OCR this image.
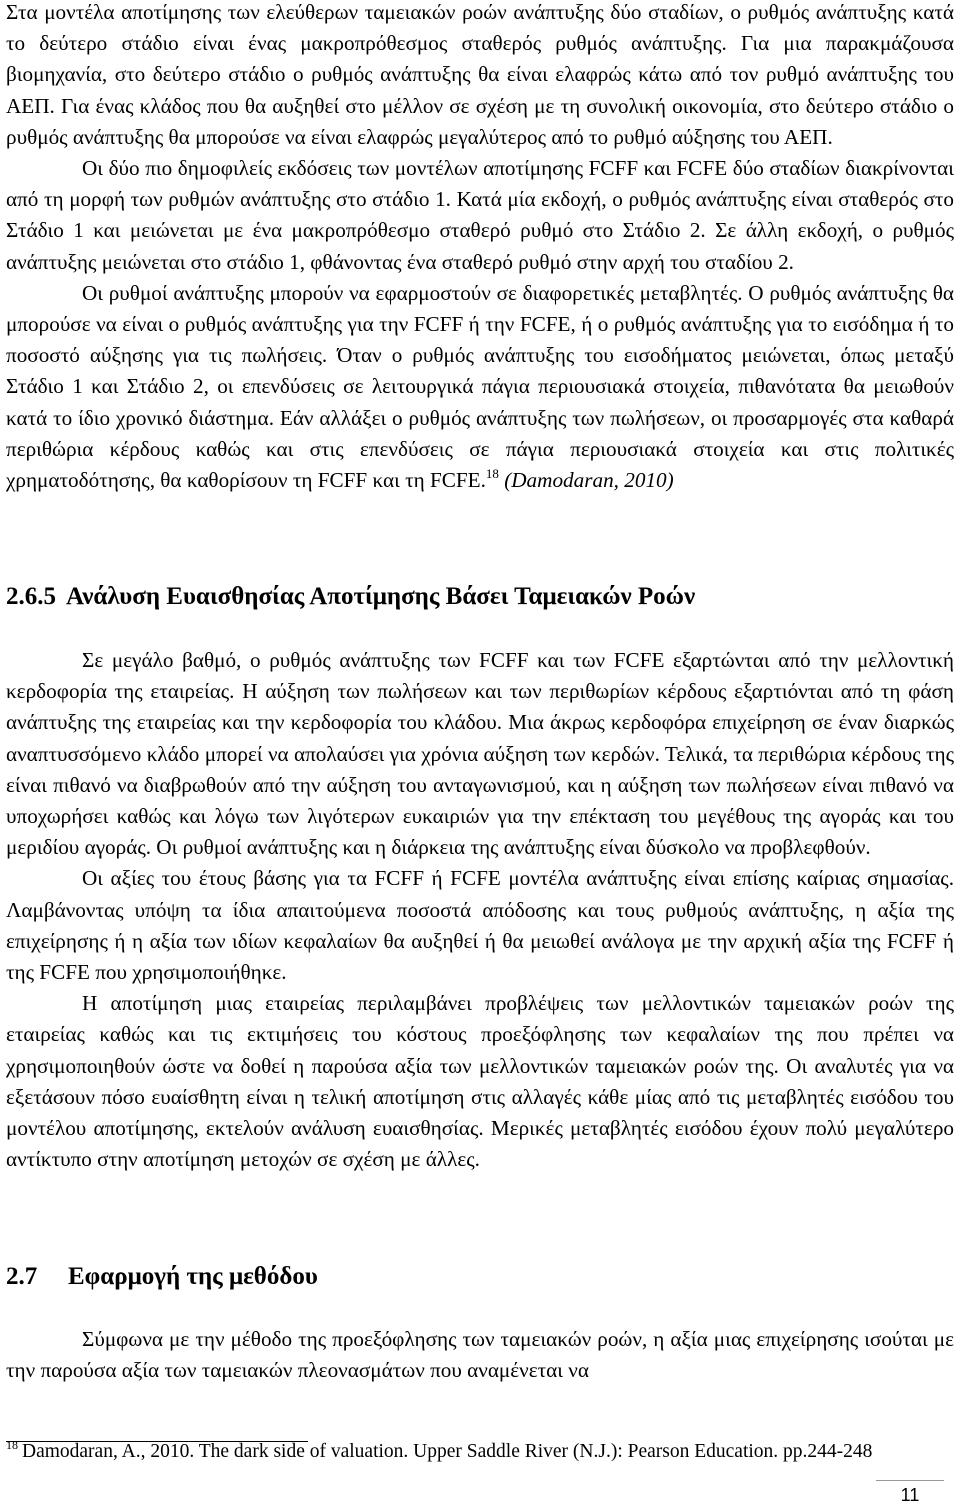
Στα μοντέλα αποτίμησης των ελεύθερων ταμειακών ροών ανάπτυξης δύο σταδίων, ο ρυθμός ανάπτυξης κατά το δεύτερο στάδιο είναι ένας μακροπρόθεσμος σταθερός ρυθμός ανάπτυξης. Για μια παρακμάζουσα βιομηχανία, στο δεύτερο στάδιο ο ρυθμός ανάπτυξης θα είναι ελαφρώς κάτω από τον ρυθμό ανάπτυξης του ΑΕΠ. Για ένας κλάδος που θα αυξηθεί στο μέλλον σε σχέση με τη συνολική οικονομία, στο δεύτερο στάδιο ο ρυθμός ανάπτυξης θα μπορούσε να είναι ελαφρώς μεγαλύτερος από το ρυθμό αύξησης του ΑΕΠ.

Οι δύο πιο δημοφιλείς εκδόσεις των μοντέλων αποτίμησης FCFF και FCFE δύο σταδίων διακρίνονται από τη μορφή των ρυθμών ανάπτυξης στο στάδιο 1. Κατά μία εκδοχή, ο ρυθμός ανάπτυξης είναι σταθερός στο Στάδιο 1 και μειώνεται με ένα μακροπρόθεσμο σταθερό ρυθμό στο Στάδιο 2. Σε άλλη εκδοχή, ο ρυθμός ανάπτυξης μειώνεται στο στάδιο 1, φθάνοντας ένα σταθερό ρυθμό στην αρχή του σταδίου 2.

Οι ρυθμοί ανάπτυξης μπορούν να εφαρμοστούν σε διαφορετικές μεταβλητές. Ο ρυθμός ανάπτυξης θα μπορούσε να είναι ο ρυθμός ανάπτυξης για την FCFF ή την FCFE, ή ο ρυθμός ανάπτυξης για το εισόδημα ή το ποσοστό αύξησης για τις πωλήσεις. Όταν ο ρυθμός ανάπτυξης του εισοδήματος μειώνεται, όπως μεταξύ Στάδιο 1 και Στάδιο 2, οι επενδύσεις σε λειτουργικά πάγια περιουσιακά στοιχεία, πιθανότατα θα μειωθούν κατά το ίδιο χρονικό διάστημα. Εάν αλλάξει ο ρυθμός ανάπτυξης των πωλήσεων, οι προσαρμογές στα καθαρά περιθώρια κέρδους καθώς και στις επενδύσεις σε πάγια περιουσιακά στοιχεία και στις πολιτικές χρηματοδότησης, θα καθορίσουν τη FCFF και τη FCFE.$^{18}$ (Damodaran, 2010)

2.6.5 Ανάλυση Ευαισθησίας Αποτίμησης Βάσει Ταμειακών Ροών

Σε μεγάλο βαθμό, ο ρυθμός ανάπτυξης των FCFF και των FCFE εξαρτώνται από την μελλοντική κερδοφορία της εταιρείας. Η αύξηση των πωλήσεων και των περιθωρίων κέρδους εξαρτιόνται από τη φάση ανάπτυξης της εταιρείας και την κερδοφορία του κλάδου. Μια άκρως κερδοφόρα επιχείρηση σε έναν διαρκώς αναπτυσσόμενο κλάδο μπορεί να απολαύσει για χρόνια αύξηση των κερδών. Τελικά, τα περιθώρια κέρδους της είναι πιθανό να διαβρωθούν από την αύξηση του ανταγωνισμού, και η αύξηση των πωλήσεων είναι πιθανό να υποχωρήσει καθώς και λόγω των λιγότερων ευκαιριών για την επέκταση του μεγέθους της αγοράς και του μεριδίου αγοράς. Οι ρυθμοί ανάπτυξης και η διάρκεια της ανάπτυξης είναι δύσκολο να προβλεφθούν.

Οι αξίες του έτους βάσης για τα FCFF ή FCFE μοντέλα ανάπτυξης είναι επίσης καίριας σημασίας. Λαμβάνοντας υπόψη τα ίδια απαιτούμενα ποσοστά απόδοσης και τους ρυθμούς ανάπτυξης, η αξία της επιχείρησης ή η αξία των ιδίων κεφαλαίων θα αυξηθεί ή θα μειωθεί ανάλογα με την αρχική αξία της FCFF ή της FCFE που χρησιμοποιήθηκε.

Η αποτίμηση μιας εταιρείας περιλαμβάνει προβλέψεις των μελλοντικών ταμειακών ροών της εταιρείας καθώς και τις εκτιμήσεις του κόστους προεξόφλησης των κεφαλαίων της που πρέπει να χρησιμοποιηθούν ώστε να δοθεί η παρούσα αξία των μελλοντικών ταμειακών ροών της. Οι αναλυτές για να εξετάσουν πόσο ευαίσθητη είναι η τελική αποτίμηση στις αλλαγές κάθε μίας από τις μεταβλητές εισόδου του μοντέλου αποτίμησης, εκτελούν ανάλυση ευαισθησίας. Μερικές μεταβλητές εισόδου έχουν πολύ μεγαλύτερο αντίκτυπο στην αποτίμηση μετοχών σε σχέση με άλλες.

2.7 Εφαρμογή της μεθόδου

Σύμφωνα με την μέθοδο της προεξόφλησης των ταμειακών ροών, η αξία μιας επιχείρησης ισούται με την παρούσα αξία των ταμειακών πλεονασμάτων που αναμένεται να

$^{18}$ Damodaran, A., 2010. The dark side of valuation. Upper Saddle River (N.J.): Pearson Education. pp.244-248
11
